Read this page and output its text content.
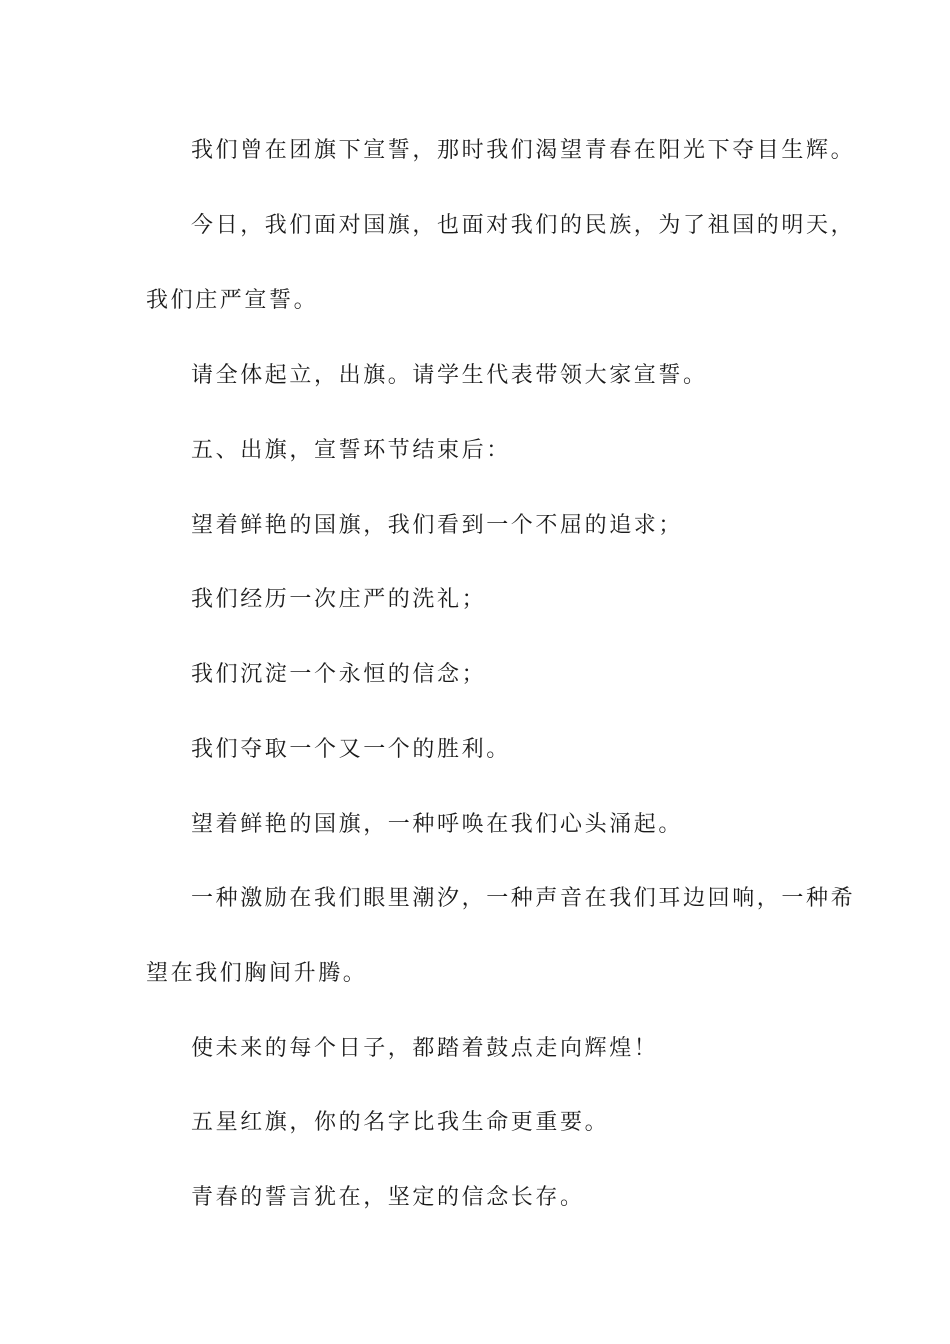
我们曾在团旗下宣誓，那时我们渴望青春在阳光下夺目生辉。
今日，我们面对国旗，也面对我们的民族，为了祖国的明天，
我们庄严宣誓。
请全体起立，出旗。请学生代表带领大家宣誓。
五、出旗，宣誓环节结束后：
望着鲜艳的国旗，我们看到一个不屈的追求；
我们经历一次庄严的洗礼；
我们沉淀一个永恒的信念；
我们夺取一个又一个的胜利。
望着鲜艳的国旗，一种呼唤在我们心头涌起。
一种激励在我们眼里潮汐，一种声音在我们耳边回响，一种希
望在我们胸间升腾。
使未来的每个日子，都踏着鼓点走向辉煌！
五星红旗，你的名字比我生命更重要。
青春的誓言犹在，坚定的信念长存。
